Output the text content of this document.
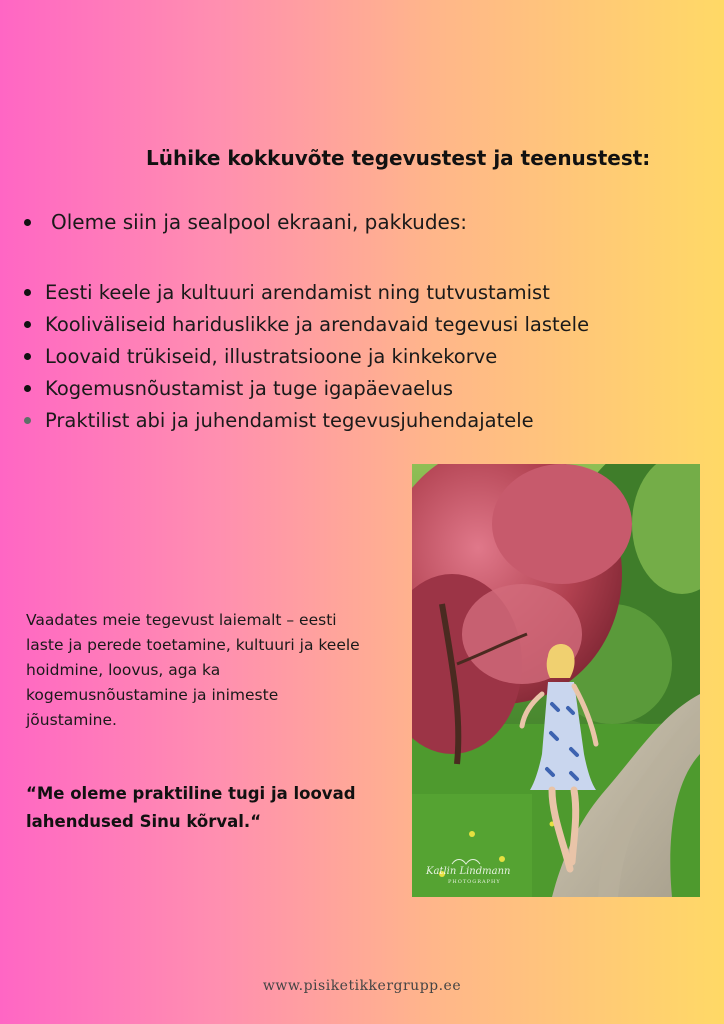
Lühike kokkuvõte tegevustest ja teenustest:
Oleme siin ja sealpool ekraani, pakkudes:
Eesti keele ja kultuuri arendamist ning tutvustamist
Kooliväliseid hariduslikke ja arendavaid tegevusi lastele
Loovaid trükiseid, illustratsioone ja kinkekorve
Kogemusnõustamist ja tuge igapäevaelus
Praktilist abi ja juhendamist tegevusjuhendajatele
Katlin Lindmann
PHOTOGRAPHY
Vaadates meie tegevust laiemalt – eesti laste ja perede toetamine, kultuuri ja keele hoidmine, loovus, aga ka kogemusnõustamine ja inimeste jõustamine.
“Me oleme praktiline tugi ja loovad lahendused Sinu kõrval.“
www.pisiketikkergrupp.ee
